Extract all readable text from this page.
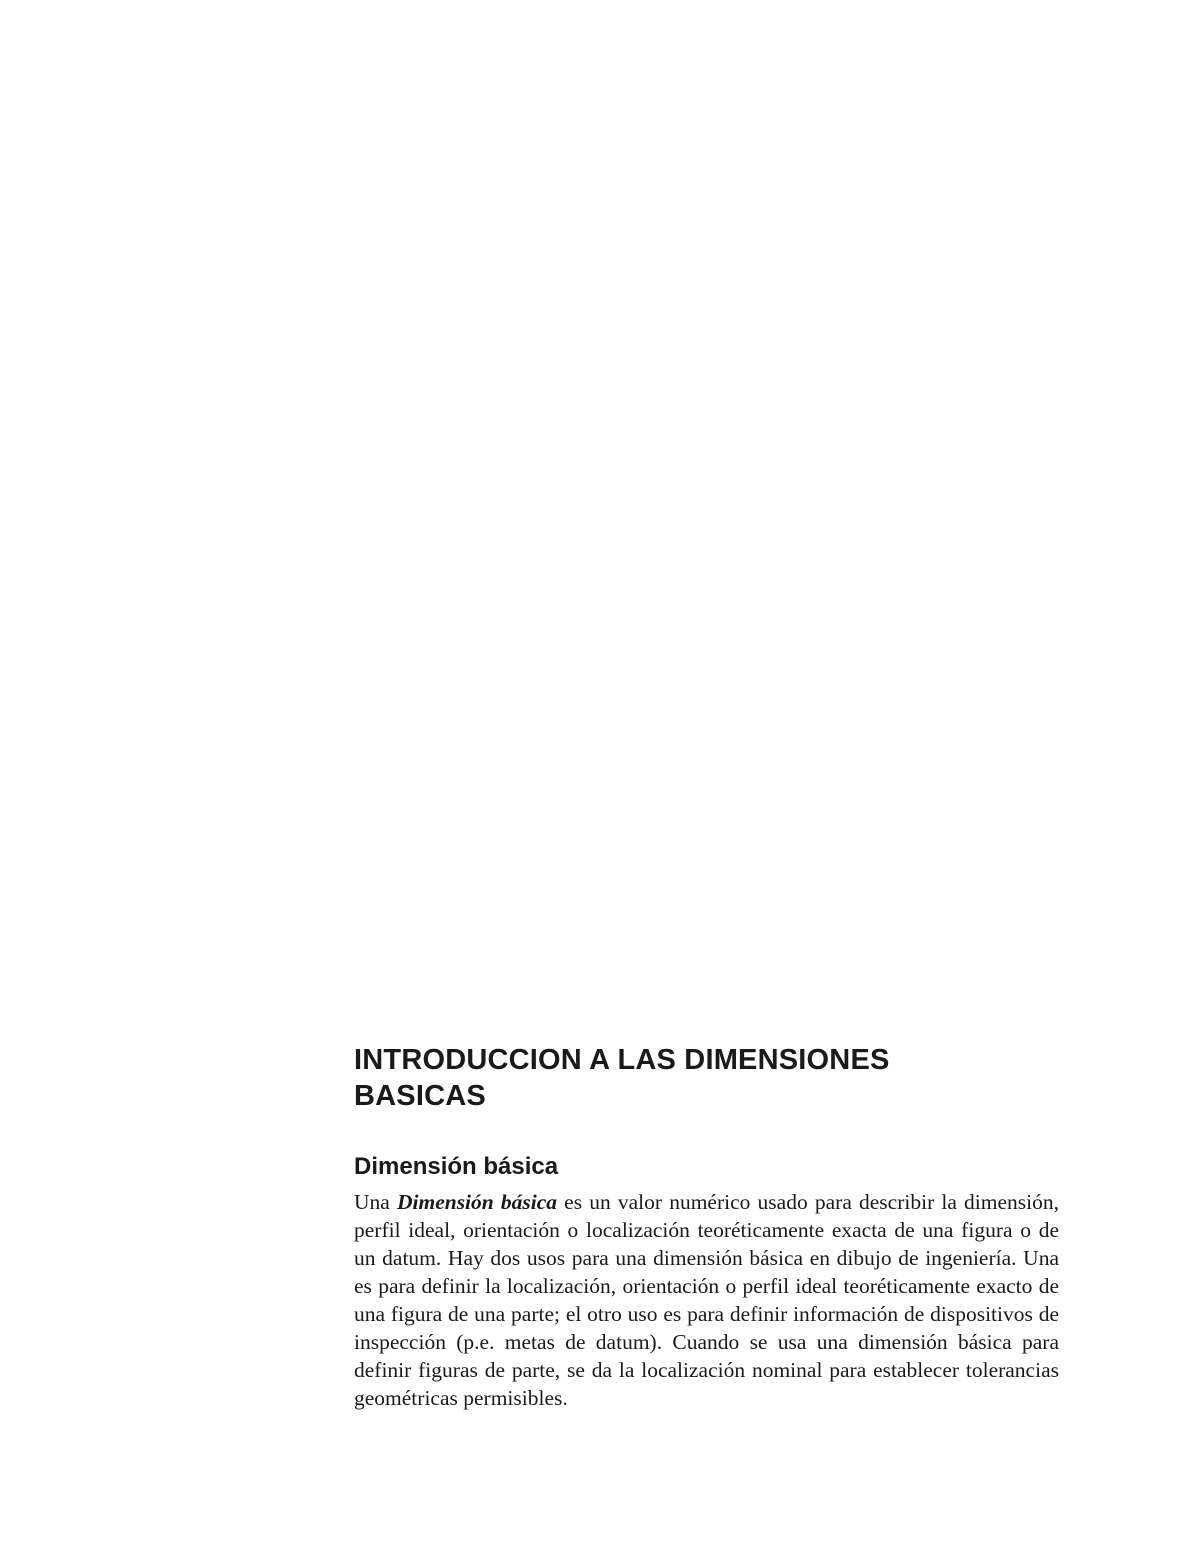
INTRODUCCION A LAS DIMENSIONES
BASICAS
Dimensión básica

Una Dimensión básica es un valor numérico usado para describir la dimensión, perfil ideal, orientación o localización teoréticamente exacta de una figura o de un datum. Hay dos usos para una dimensión básica en dibujo de ingeniería. Una es para definir la localización, orientación o perfil ideal teoréticamente exacto de una figura de una parte; el otro uso es para definir información de dispositivos de inspección (p.e. metas de datum). Cuando se usa una dimensión básica para definir figuras de parte, se da la localización nominal para establecer tolerancias geométricas permisibles.
